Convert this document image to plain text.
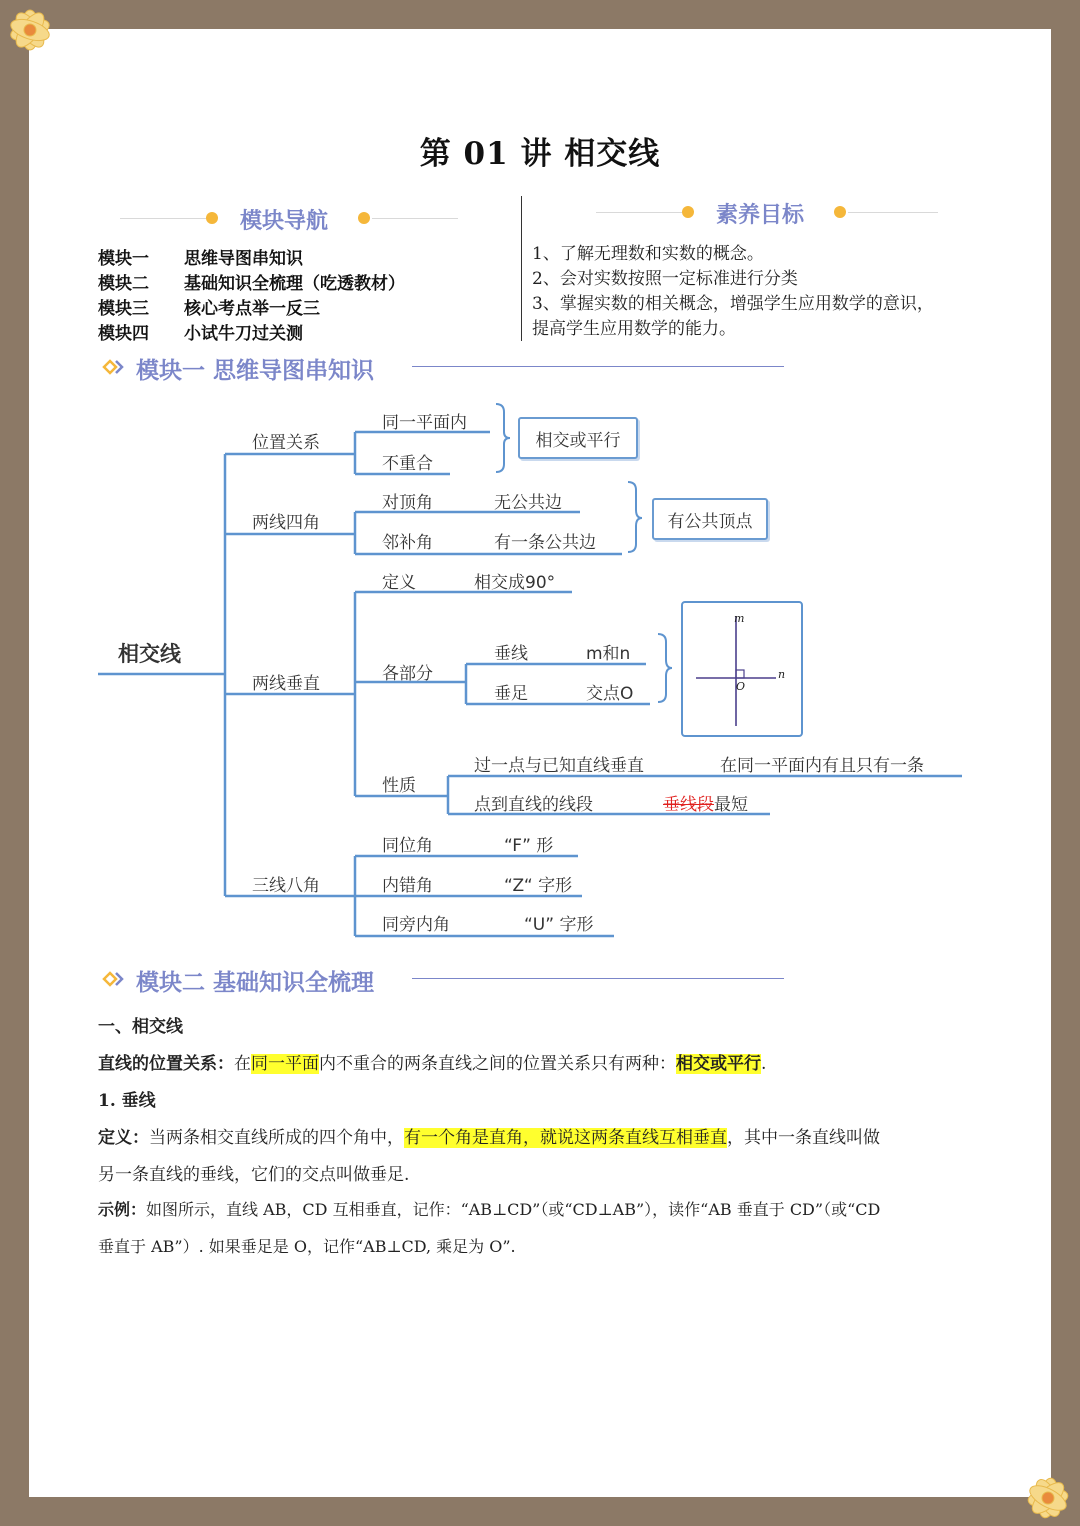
第 01 讲 相交线
模块导航
模块一 思维导图串知识
模块二 基础知识全梳理（吃透教材）
模块三 核心考点举一反三
模块四 小试牛刀过关测
素养目标
1、了解无理数和实数的概念。
2、会对实数按照一定标准进行分类
3、掌握实数的相关概念，增强学生应用数学的意识，
提高学生应用数学的能力。
模块一 思维导图串知识
m
n
O
相交线
位置关系
同一平面内
不重合
相交或平行
两线四角
对顶角	无公共边
邻补角	有一条公共边
有公共顶点
两线垂直
定义	相交成90°
各部分
垂线	m和n
垂足	交点O
性质
过一点与已知直线垂直	在同一平面内有且只有一条
点到直线的线段	垂线段最短
三线八角
同位角	“F” 形
内错角	“Z“ 字形
同旁内角	“U” 字形
模块二 基础知识全梳理
一、相交线
直线的位置关系：在同一平面内不重合的两条直线之间的位置关系只有两种：相交或平行.
1. 垂线
定义：当两条相交直线所成的四个角中，有一个角是直角，就说这两条直线互相垂直，其中一条直线叫做
另一条直线的垂线，它们的交点叫做垂足.
示例：如图所示，直线 AB，CD 互相垂直，记作：“AB⊥CD”（或“CD⊥AB”），读作“AB 垂直于 CD”（或“CD
垂直于 AB”）. 如果垂足是 O，记作“AB⊥CD, 乘足为 O”.
